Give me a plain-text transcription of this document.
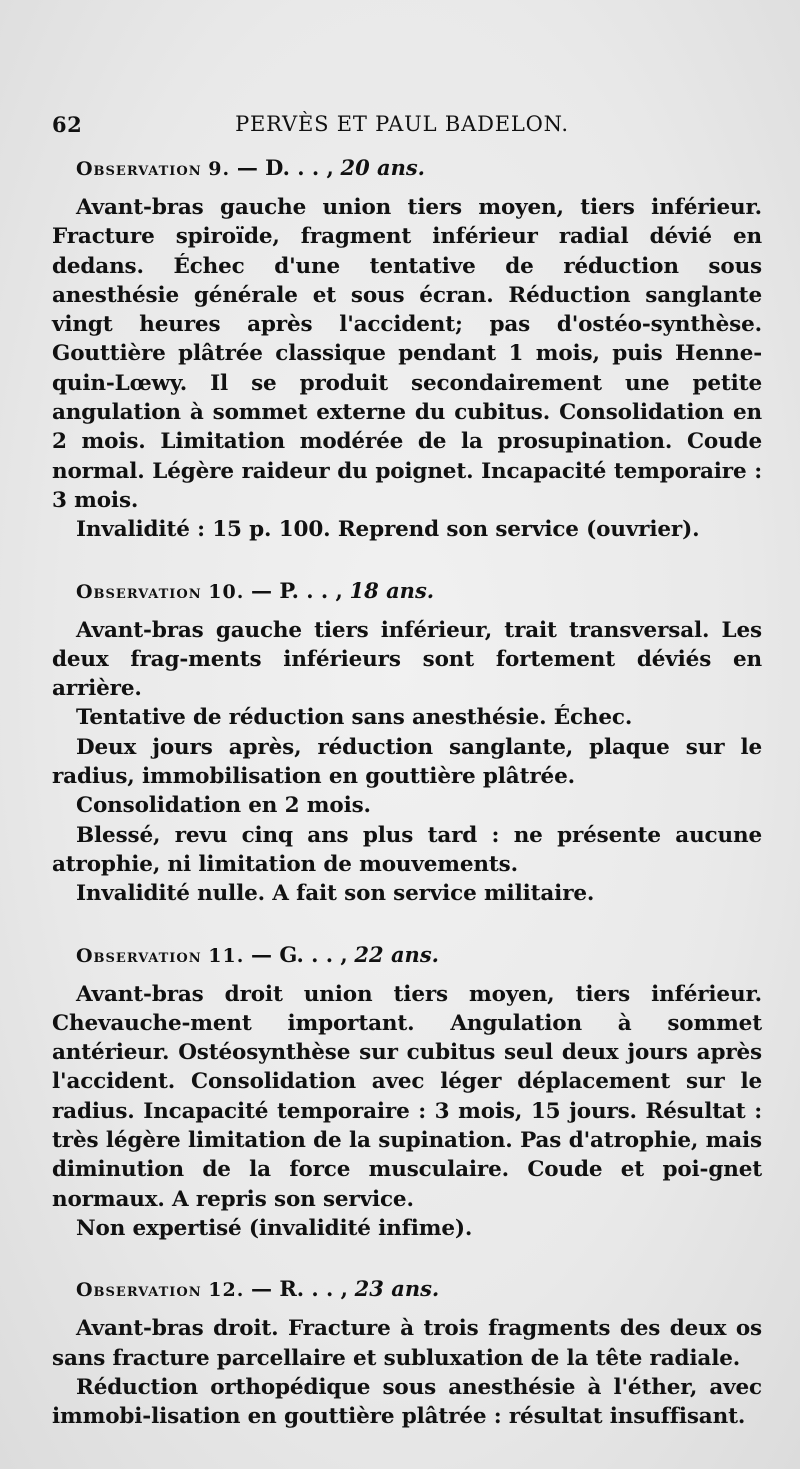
62	PERVÈS ET PAUL BADELON.
Observation 9. — D. . . , 20 ans.

Avant-bras gauche union tiers moyen, tiers inférieur. Fracture spiroïde, fragment inférieur radial dévié en dedans. Échec d'une tentative de réduction sous anesthésie générale et sous écran. Réduction sanglante vingt heures après l'accident; pas d'ostéo-synthèse. Gouttière plâtrée classique pendant 1 mois, puis Henne-quin-Lœwy. Il se produit secondairement une petite angulation à sommet externe du cubitus. Consolidation en 2 mois. Limitation modérée de la prosupination. Coude normal. Légère raideur du poignet. Incapacité temporaire : 3 mois.

Invalidité : 15 p. 100. Reprend son service (ouvrier).

Observation 10. — P. . . , 18 ans.

Avant-bras gauche tiers inférieur, trait transversal. Les deux frag-ments inférieurs sont fortement déviés en arrière.

Tentative de réduction sans anesthésie. Échec.

Deux jours après, réduction sanglante, plaque sur le radius, immobilisation en gouttière plâtrée.

Consolidation en 2 mois.

Blessé, revu cinq ans plus tard : ne présente aucune atrophie, ni limitation de mouvements.

Invalidité nulle. A fait son service militaire.

Observation 11. — G. . . , 22 ans.

Avant-bras droit union tiers moyen, tiers inférieur. Chevauche-ment important. Angulation à sommet antérieur. Ostéosynthèse sur cubitus seul deux jours après l'accident. Consolidation avec léger déplacement sur le radius. Incapacité temporaire : 3 mois, 15 jours. Résultat : très légère limitation de la supination. Pas d'atrophie, mais diminution de la force musculaire. Coude et poi-gnet normaux. A repris son service.

Non expertisé (invalidité infime).

Observation 12. — R. . . , 23 ans.

Avant-bras droit. Fracture à trois fragments des deux os sans fracture parcellaire et subluxation de la tête radiale.

Réduction orthopédique sous anesthésie à l'éther, avec immobi-lisation en gouttière plâtrée : résultat insuffisant.
